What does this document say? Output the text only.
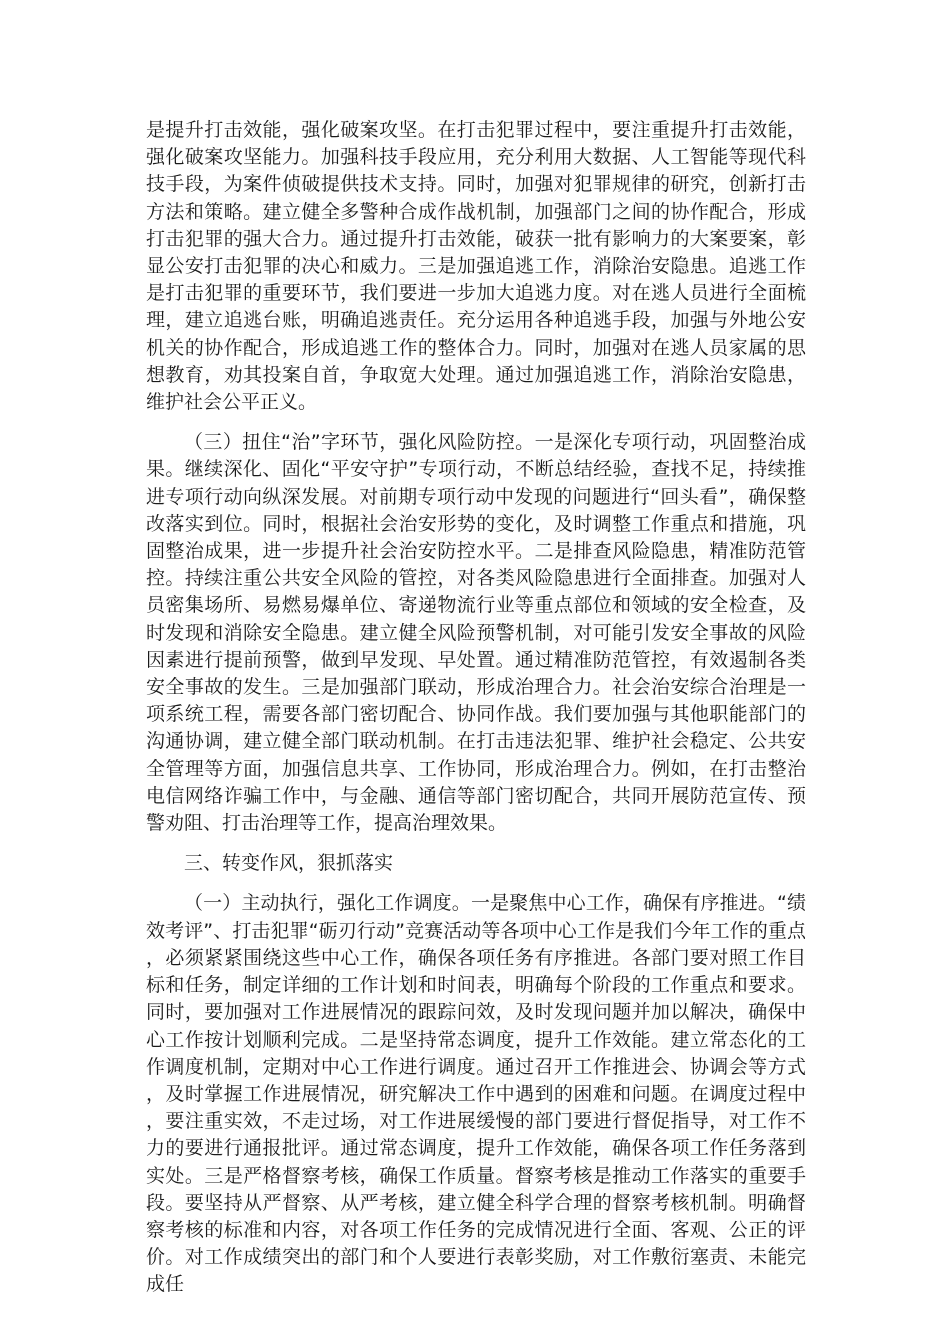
是提升打击效能，强化破案攻坚。在打击犯罪过程中，要注重提升打击效能，强化破案攻坚能力。加强科技手段应用，充分利用大数据、人工智能等现代科技手段，为案件侦破提供技术支持。同时，加强对犯罪规律的研究，创新打击方法和策略。建立健全多警种合成作战机制，加强部门之间的协作配合，形成打击犯罪的强大合力。通过提升打击效能，破获一批有影响力的大案要案，彰显公安打击犯罪的决心和威力。三是加强追逃工作，消除治安隐患。追逃工作是打击犯罪的重要环节，我们要进一步加大追逃力度。对在逃人员进行全面梳理，建立追逃台账，明确追逃责任。充分运用各种追逃手段，加强与外地公安机关的协作配合，形成追逃工作的整体合力。同时，加强对在逃人员家属的思想教育，劝其投案自首，争取宽大处理。通过加强追逃工作，消除治安隐患，维护社会公平正义。

（三）扭住“治”字环节，强化风险防控。一是深化专项行动，巩固整治成果。继续深化、固化“平安守护”专项行动，不断总结经验，查找不足，持续推进专项行动向纵深发展。对前期专项行动中发现的问题进行“回头看”，确保整改落实到位。同时，根据社会治安形势的变化，及时调整工作重点和措施，巩固整治成果，进一步提升社会治安防控水平。二是排查风险隐患，精准防范管控。持续注重公共安全风险的管控，对各类风险隐患进行全面排查。加强对人员密集场所、易燃易爆单位、寄递物流行业等重点部位和领域的安全检查，及时发现和消除安全隐患。建立健全风险预警机制，对可能引发安全事故的风险因素进行提前预警，做到早发现、早处置。通过精准防范管控，有效遏制各类安全事故的发生。三是加强部门联动，形成治理合力。社会治安综合治理是一项系统工程，需要各部门密切配合、协同作战。我们要加强与其他职能部门的沟通协调，建立健全部门联动机制。在打击违法犯罪、维护社会稳定、公共安全管理等方面，加强信息共享、工作协同，形成治理合力。例如，在打击整治电信网络诈骗工作中，与金融、通信等部门密切配合，共同开展防范宣传、预警劝阻、打击治理等工作，提高治理效果。

三、转变作风，狠抓落实

（一）主动执行，强化工作调度。一是聚焦中心工作，确保有序推进。“绩效考评”、打击犯罪“砺刃行动”竞赛活动等各项中心工作是我们今年工作的重点，必须紧紧围绕这些中心工作，确保各项任务有序推进。各部门要对照工作目标和任务，制定详细的工作计划和时间表，明确每个阶段的工作重点和要求。同时，要加强对工作进展情况的跟踪问效，及时发现问题并加以解决，确保中心工作按计划顺利完成。二是坚持常态调度，提升工作效能。建立常态化的工作调度机制，定期对中心工作进行调度。通过召开工作推进会、协调会等方式，及时掌握工作进展情况，研究解决工作中遇到的困难和问题。在调度过程中，要注重实效，不走过场，对工作进展缓慢的部门要进行督促指导，对工作不力的要进行通报批评。通过常态调度，提升工作效能，确保各项工作任务落到实处。三是严格督察考核，确保工作质量。督察考核是推动工作落实的重要手段。要坚持从严督察、从严考核，建立健全科学合理的督察考核机制。明确督察考核的标准和内容，对各项工作任务的完成情况进行全面、客观、公正的评价。对工作成绩突出的部门和个人要进行表彰奖励，对工作敷衍塞责、未能完成任
